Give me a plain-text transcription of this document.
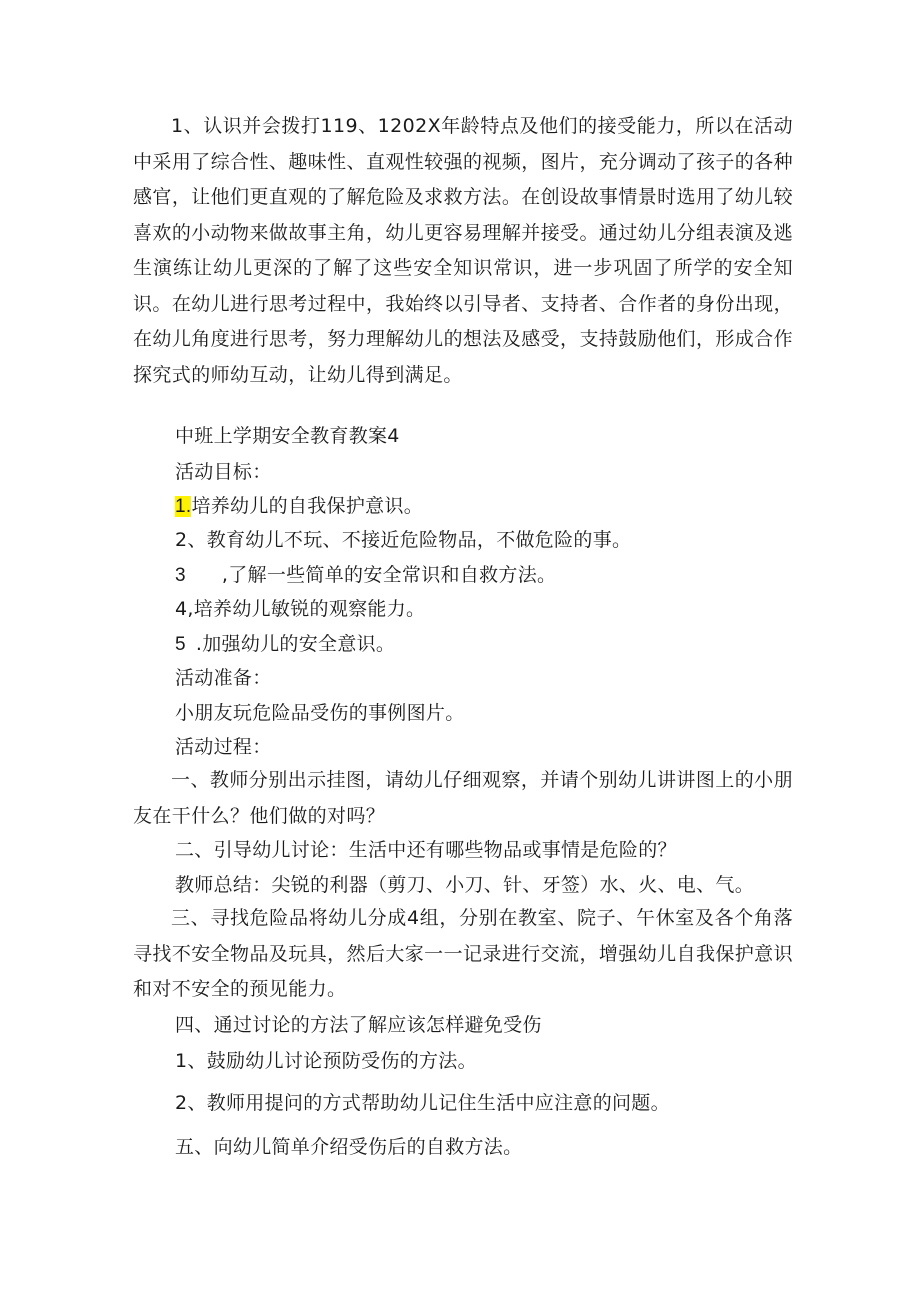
1、认识并会拨打119、1202X年龄特点及他们的接受能力，所以在活动中采用了综合性、趣味性、直观性较强的视频，图片，充分调动了孩子的各种感官，让他们更直观的了解危险及求救方法。在创设故事情景时选用了幼儿较喜欢的小动物来做故事主角，幼儿更容易理解并接受。通过幼儿分组表演及逃生演练让幼儿更深的了解了这些安全知识常识，进一步巩固了所学的安全知识。在幼儿进行思考过程中，我始终以引导者、支持者、合作者的身份出现，在幼儿角度进行思考，努力理解幼儿的想法及感受，支持鼓励他们，形成合作探究式的师幼互动，让幼儿得到满足。

中班上学期安全教育教案4

活动目标：

1.培养幼儿的自我保护意识。

2、教育幼儿不玩、不接近危险物品，不做危险的事。

3 ,了解一些简单的安全常识和自救方法。

4,培养幼儿敏锐的观察能力。

5 .加强幼儿的安全意识。

活动准备：

小朋友玩危险品受伤的事例图片。

活动过程：

一、教师分别出示挂图，请幼儿仔细观察，并请个别幼儿讲讲图上的小朋友在干什么？他们做的对吗？

二、引导幼儿讨论：生活中还有哪些物品或事情是危险的？

教师总结：尖锐的利器（剪刀、小刀、针、牙签）水、火、电、气。

三、寻找危险品将幼儿分成4组，分别在教室、院子、午休室及各个角落寻找不安全物品及玩具，然后大家一一记录进行交流，增强幼儿自我保护意识和对不安全的预见能力。

四、通过讨论的方法了解应该怎样避免受伤

1、鼓励幼儿讨论预防受伤的方法。

2、教师用提问的方式帮助幼儿记住生活中应注意的问题。

五、向幼儿简单介绍受伤后的自救方法。
